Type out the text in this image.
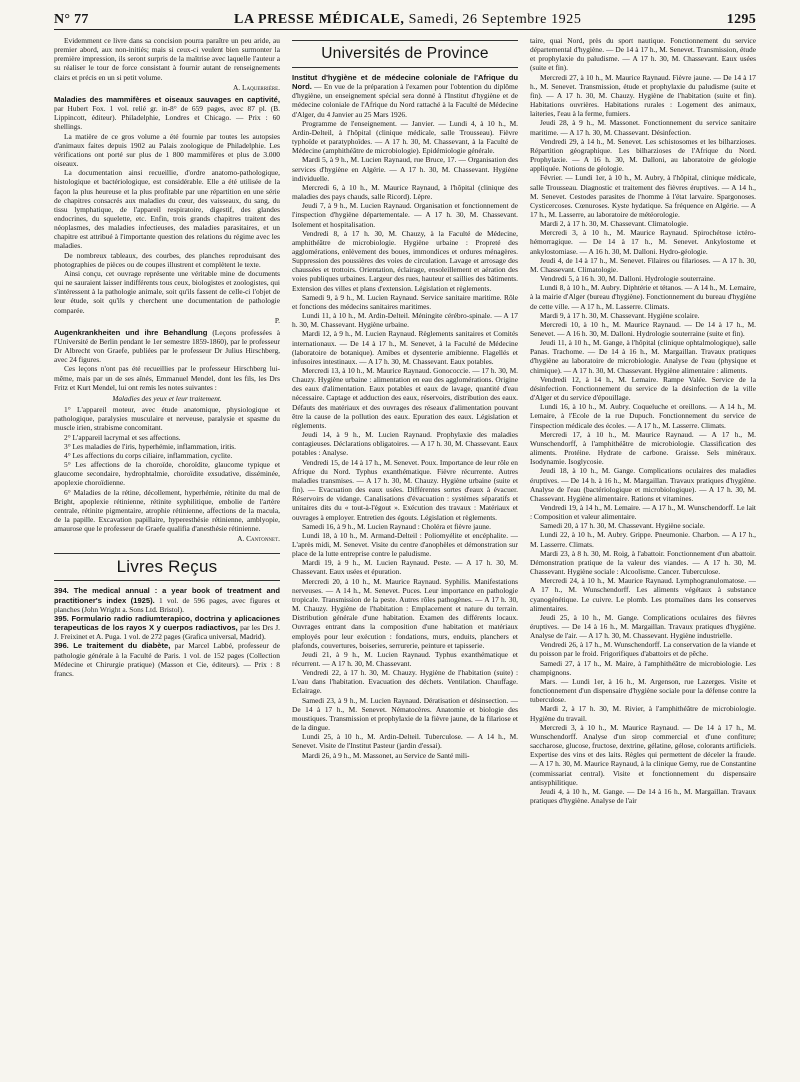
N° 77	LA PRESSE MÉDICALE, Samedi, 26 Septembre 1925	1295

Evidemment ce livre dans sa concision pourra paraître un peu aride, au premier abord, aux non-initiés; mais si ceux-ci veulent bien surmonter la première impression, ils seront surpris de la maîtrise avec laquelle l'auteur a su réaliser le tour de force consistant à fournir autant de renseignements clairs et précis en un si petit volume.

A. Laquerrière.

Maladies des mammifères et oiseaux sauvages en captivité, par Hubert Fox. 1 vol. relié gr. in-8° de 659 pages, avec 87 pl. (B. Lippincott, éditeur). Philadelphie, Londres et Chicago. — Prix : 60 shellings.

La matière de ce gros volume a été fournie par toutes les autopsies d'animaux faites depuis 1902 au Palais zoologique de Philadelphie. Les vérifications ont porté sur plus de 1 800 mammifères et plus de 3.000 oiseaux.

La documentation ainsi recueillie, d'ordre anatomo-pathologique, histologique et bactériologique, est considérable. Elle a été utilisée de la façon la plus heureuse et la plus profitable par une répartition en une série de chapitres consacrés aux maladies du cœur, des vaisseaux, du sang, du tissu lymphatique, de l'appareil respiratoire, digestif, des glandes endocrines, du squelette, etc. Enfin, trois grands chapitres traitent des néoplasmes, des maladies infectieuses, des maladies parasitaires, et un chapitre est attribué à l'importante question des relations du régime avec les maladies.

De nombreux tableaux, des courbes, des planches reproduisant des photographies de pièces ou de coupes illustrent et complètent le texte.

Ainsi conçu, cet ouvrage représente une véritable mine de documents qui ne sauraient laisser indifférents tous ceux, biologistes et zoologistes, qui s'intéressent à la pathologie animale, soit qu'ils fassent de celle-ci l'objet de leur étude, soit qu'ils y cherchent une documentation de pathologie comparée.

P.

Augenkrankheiten und ihre Behandlung (Leçons professées à l'Université de Berlin pendant le 1er semestre 1859-1860), par le professeur Dr Albrecht von Graefe, publiées par le professeur Dr Julius Hirschberg, avec 24 figures.

Ces leçons n'ont pas été recueillies par le professeur Hirschberg lui-même, mais par un de ses aînés, Emmanuel Mendel, dont les fils, les Drs Fritz et Kurt Mendel, lui ont remis les notes suivantes :

Maladies des yeux et leur traitement.

1° L'appareil moteur, avec étude anatomique, physiologique et pathologique, paralysies musculaire et nerveuse, paralysie et spasme du muscle irien, strabisme concomitant.

2° L'appareil lacrymal et ses affections.

3° Les maladies de l'iris, hyperhémie, inflammation, iritis.

4° Les affections du corps ciliaire, inflammation, cyclite.

5° Les affections de la choroïde, choroïdite, glaucome typique et glaucome secondaire, hydrophtalmie, choroïdite exsudative, disséminée, apoplexie choroïdienne.

6° Maladies de la rétine, décollement, hyperhémie, rétinite du mal de Bright, apoplexie rétinienne, rétinite syphilitique, embolie de l'artère centrale, rétinite pigmentaire, atrophie rétinienne, affections de la macula, de la papille. Excavation papillaire, hyperesthésie rétinienne, amblyopie, amaurose que le professeur de Graefe qualifia d'anesthésie rétinienne.

A. Cantonnet.
Livres Reçus

394. The medical annual : a year book of treatment and practitioner's index (1925). 1 vol. de 596 pages, avec figures et planches (John Wright a. Sons Ltd. Bristol).

395. Formulario radio radiumterapico, doctrina y aplicaciones terapeuticas de los rayos X y cuerpos radiactivos, par les Drs J. J. Freixinet et A. Puga. 1 vol. de 272 pages (Grafica universal, Madrid).

396. Le traitement du diabète, par Marcel Labbé, professeur de pathologie générale à la Faculté de Paris. 1 vol. de 152 pages (Collection Médecine et Chirurgie pratique) (Masson et Cie, éditeurs). — Prix : 8 francs.

Universités de Province

Institut d'hygiène et de médecine coloniale de l'Afrique du Nord. — En vue de la préparation à l'examen pour l'obtention du diplôme d'hygiène, un enseignement spécial sera donné à l'Institut d'hygiène et de médecine coloniale de l'Afrique du Nord rattaché à la Faculté de Médecine d'Alger, du 4 Janvier au 25 Mars 1926.

Programme de l'enseignement. — Janvier. — Lundi 4, à 10 h., M. Ardin-Delteil, à l'hôpital (clinique médicale, salle Trousseau). Fièvre typhoïde et paratyphoïdes. — A 17 h. 30, M. Chassevant, à la Faculté de Médecine (amphithéâtre de microbiologie). Epidémiologie générale.

Mardi 5, à 9 h., M. Lucien Raynaud, rue Bruce, 17. — Organisation des services d'hygiène en Algérie. — A 17 h. 30, M. Chassevant. Hygiène individuelle.

Mercredi 6, à 10 h., M. Maurice Raynaud, à l'hôpital (clinique des maladies des pays chauds, salle Ricord). Lèpre.

Jeudi 7, à 9 h., M. Lucien Raynaud. Organisation et fonctionnement de l'inspection d'hygiène départementale. — A 17 h. 30, M. Chassevant. Isolement et hospitalisation.

Vendredi 8, à 17 h. 30, M. Chauzy, à la Faculté de Médecine, amphithéâtre de microbiologie. Hygiène urbaine : Propreté des agglomérations, enlèvement des boues, immondices et ordures ménagères. Suppression des poussières des voies de circulation. Lavage et arrosage des chaussées et trottoirs. Orientation, éclairage, ensoleillement et aération des voies publiques urbaines. Largeur des rues, hauteur et saillies des bâtiments. Extension des villes et plans d'extension. Législation et règlements.

Samedi 9, à 9 h., M. Lucien Raynaud. Service sanitaire maritime. Rôle et fonctions des médecins sanitaires maritimes.

Lundi 11, à 10 h., M. Ardin-Delteil. Méningite cérébro-spinale. — A 17 h. 30, M. Chassevant. Hygiène urbaine.

Mardi 12, à 9 h., M. Lucien Raynaud. Règlements sanitaires et Comités internationaux. — De 14 à 17 h., M. Senevet, à la Faculté de Médecine (laboratoire de botanique). Amibes et dysenterie amibienne. Flagellés et infusoires intestinaux. — A 17 h. 30, M. Chassevant. Eaux potables.

Mercredi 13, à 10 h., M. Maurice Raynaud. Gonococcie. — 17 h. 30, M. Chauzy. Hygiène urbaine : alimentation en eau des agglomérations. Origine des eaux d'alimentation. Eaux potables et eaux de lavage, quantité d'eau nécessaire. Captage et adduction des eaux, réservoirs, distribution des eaux. Défauts des matériaux et des ouvrages des réseaux d'alimentation pouvant être la cause de la pollution des eaux. Epuration des eaux. Législation et règlements.

Jeudi 14, à 9 h., M. Lucien Raynaud. Prophylaxie des maladies contagieuses. Déclarations obligatoires. — A 17 h. 30, M. Chassevant. Eaux potables : Analyse.

Vendredi 15, de 14 à 17 h., M. Senevet. Poux. Importance de leur rôle en Afrique du Nord. Typhus exanthématique. Fièvre récurrente. Autres maladies transmises. — A 17 h. 30, M. Chauzy. Hygiène urbaine (suite et fin). — Evacuation des eaux usées. Différentes sortes d'eaux à évacuer. Réservoirs de vidange. Canalisations d'évacuation : systèmes séparatifs et unitaires dits du « tout-à-l'égout ». Exécution des travaux : Matériaux et ouvrages à employer. Entretien des égouts. Législation et règlements.

Samedi 16, à 9 h., M. Lucien Raynaud : Choléra et fièvre jaune.

Lundi 18, à 10 h., M. Armand-Delteil : Poliomyélite et encéphalite. — L'après midi, M. Senevet. Visite du centre d'anophèles et démonstration sur place de la lutte entreprise contre le paludisme.

Mardi 19, à 9 h., M. Lucien Raynaud. Peste. — A 17 h. 30, M. Chassevant. Eaux usées et épuration.

Mercredi 20, à 10 h., M. Maurice Raynaud. Syphilis. Manifestations nerveuses. — A 14 h., M. Senevet. Puces. Leur importance en pathologie tropicale. Transmission de la peste. Autres rôles pathogènes. — A 17 h. 30, M. Chauzy. Hygiène de l'habitation : Emplacement et nature du terrain. Distribution générale d'une habitation. Examen des différents locaux. Ouvrages entrant dans la composition d'une habitation et matériaux employés pour leur exécution : fondations, murs, enduits, planchers et plafonds, couvertures, boiseries, serrurerie, peinture et tapisserie.

Jeudi 21, à 9 h., M. Lucien Raynaud. Typhus exanthématique et récurrent. — A 17 h. 30, M. Chassevant.

Vendredi 22, à 17 h. 30, M. Chauzy. Hygiène de l'habitation (suite) : L'eau dans l'habitation. Evacuation des déchets. Ventilation. Chauffage. Eclairage.

Samedi 23, à 9 h., M. Lucien Raynaud. Dératisation et désinsection. — De 14 à 17 h., M. Senevet. Nématocères. Anatomie et biologie des moustiques. Transmission et prophylaxie de la fièvre jaune, de la filariose et de la dingue.

Lundi 25, à 10 h., M. Ardin-Delteil. Tuberculose. — A 14 h., M. Senevet. Visite de l'Institut Pasteur (jardin d'essai).

Mardi 26, à 9 h., M. Massonet, au Service de Santé mili-

taire, quai Nord, près du sport nautique. Fonctionnement du service départemental d'hygiène. — De 14 à 17 h., M. Senevet. Transmission, étude et prophylaxie du paludisme. — A 17 h. 30, M. Chassevant. Eaux usées (suite et fin).

Mercredi 27, à 10 h., M. Maurice Raynaud. Fièvre jaune. — De 14 à 17 h., M. Senevet. Transmission, étude et prophylaxie du paludisme (suite et fin). — A 17 h. 30, M. Chauzy. Hygiène de l'habitation (suite et fin). Habitations ouvrières. Habitations rurales : Logement des animaux, laiteries, l'eau à la ferme, fumiers.

Jeudi 28, à 9 h., M. Massonet. Fonctionnement du service sanitaire maritime. — A 17 h. 30, M. Chassevant. Désinfection.

Vendredi 29, à 14 h., M. Senevet. Les schistosomes et les bilharzioses. Répartition géographique. Les bilharzioses de l'Afrique du Nord. Prophylaxie. — A 16 h. 30, M. Dalloni, au laboratoire de géologie appliquée. Notions de géologie.

Février. — Lundi 1er, à 10 h., M. Aubry, à l'hôpital, clinique médicale, salle Trousseau. Diagnostic et traitement des fièvres éruptives. — A 14 h., M. Senevet. Cestodes parasites de l'homme à l'état larvaire. Spargonoses. Cysticercoses. Cœnuroses. Kyste hydatique. Sa fréquence en Algérie. — A 17 h., M. Lasserre, au laboratoire de météorologie.

Mardi 2, à 17 h. 30, M. Chassevant. Climatologie.

Mercredi 3, à 10 h., M. Maurice Raynaud. Spirochétose ictéro-hémorragique. — De 14 à 17 h., M. Senevet. Ankylostome et ankylostomiase. — A 16 h. 30, M. Dalloni. Hydro-géologie.

Jeudi 4, de 14 à 17 h., M. Senevet. Filaires ou filarioses. — A 17 h. 30, M. Chassevant. Climatologie.

Vendredi 5, à 16 h. 30, M. Dalloni. Hydrologie souterraine.

Lundi 8, à 10 h., M. Aubry. Diphtérie et tétanos. — A 14 h., M. Lemaire, à la mairie d'Alger (bureau d'hygiène). Fonctionnement du bureau d'hygiène de cette ville. — A 17 h., M. Lasserre. Climats.

Mardi 9, à 17 h. 30, M. Chassevant. Hygiène scolaire.

Mercredi 10, à 10 h., M. Maurice Raynaud. — De 14 à 17 h., M. Senevet. — A 16 h. 30, M. Dalloni. Hydrologie souterraine (suite et fin).

Jeudi 11, à 10 h., M. Gange, à l'hôpital (clinique ophtalmologique), salle Panas. Trachome. — De 14 à 16 h., M. Margaillan. Travaux pratiques d'hygiène au laboratoire de microbiologie. Analyse de l'eau (physique et chimique). — A 17 h. 30, M. Chassevant. Hygiène alimentaire : aliments.

Vendredi 12, à 14 h., M. Lemaire. Rampe Valée. Service de la désinfection. Fonctionnement du service de la désinfection de la ville d'Alger et du service d'épouillage.

Lundi 16, à 10 h., M. Aubry. Coqueluche et oreillons. — A 14 h., M. Lemaire, à l'Ecole de la rue Dupuch. Fonctionnement du service de l'inspection médicale des écoles. — A 17 h., M. Lasserre. Climats.

Mercredi 17, à 10 h., M. Maurice Raynaud. — A 17 h., M. Wunschendorff, à l'amphithéâtre de microbiologie. Classification des aliments. Protéine. Hydrate de carbone. Graisse. Sels minéraux. Isodynamie. Isoglycosie.

Jeudi 18, à 10 h., M. Gange. Complications oculaires des maladies éruptives. — De 14 h. à 16 h., M. Margaillan. Travaux pratiques d'hygiène. Analyse de l'eau (bactériologique et microbiologique). — A 17 h. 30, M. Chassevant. Hygiène alimentaire. Rations et vitamines.

Vendredi 19, à 14 h., M. Lemaire. — A 17 h., M. Wunschendorff. Le lait : Composition et valeur alimentaire.

Samedi 20, à 17 h. 30, M. Chassevant. Hygiène sociale.

Lundi 22, à 10 h., M. Aubry. Grippe. Pneumonie. Charbon. — A 17 h., M. Lasserre. Climats.

Mardi 23, à 8 h. 30, M. Roig, à l'abattoir. Fonctionnement d'un abattoir. Démonstration pratique de la valeur des viandes. — A 17 h. 30, M. Chassevant. Hygiène sociale : Alcoolisme. Cancer. Tuberculose.

Mercredi 24, à 10 h., M. Maurice Raynaud. Lymphogranulomatose. — A 17 h., M. Wunschendorff. Les aliments végétaux à substance cyanogénétique. Le cuivre. Le plomb. Les ptomaïnes dans les conserves alimentaires.

Jeudi 25, à 10 h., M. Gange. Complications oculaires des fièvres éruptives. — De 14 à 16 h., M. Margaillan. Travaux pratiques d'hygiène. Analyse de l'air. — A 17 h. 30, M. Chassevant. Hygiène industrielle.

Vendredi 26, à 17 h., M. Wunschendorff. La conservation de la viande et du poisson par le froid. Frigorifiques d'abattoirs et de pêche.

Samedi 27, à 17 h., M. Maire, à l'amphithéâtre de microbiologie. Les champignons.

Mars. — Lundi 1er, à 16 h., M. Argenson, rue Lazerges. Visite et fonctionnement d'un dispensaire d'hygiène sociale pour la défense contre la tuberculose.

Mardi 2, à 17 h. 30, M. Rivier, à l'amphithéâtre de microbiologie. Hygiène du travail.

Mercredi 3, à 10 h., M. Maurice Raynaud. — De 14 à 17 h., M. Wunschendorff. Analyse d'un sirop commercial et d'une confiture; saccharose, glucose, fructose, dextrine, gélatine, gélose, colorants artificiels. Expertise des vins et des laits. Règles qui permettent de déceler la fraude. — A 17 h. 30, M. Maurice Raynaud, à la clinique Gemy, rue de Constantine (commissariat central). Visite et fonctionnement du dispensaire antisyphilitique.

Jeudi 4, à 10 h., M. Gange. — De 14 à 16 h., M. Margaillan. Travaux pratiques d'hygiène. Analyse de l'air
